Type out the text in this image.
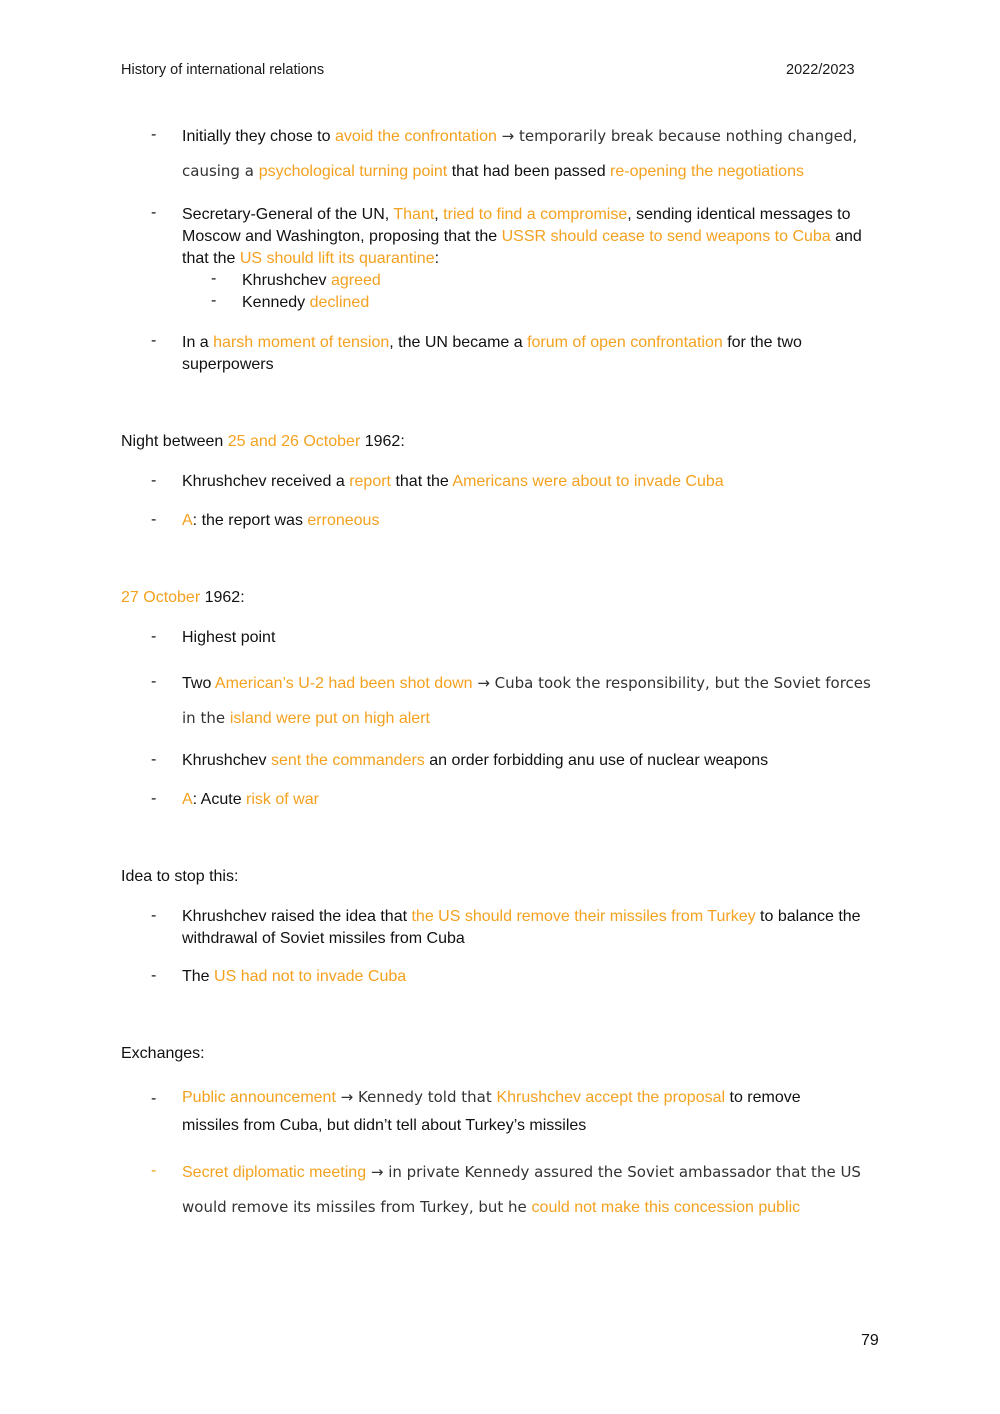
History of international relations	2022/2023
-	Initially they chose to avoid the confrontation → temporarily break because nothing changed, causing a psychological turning point that had been passed re-opening the negotiations

-	Secretary-General of the UN, Thant, tried to find a compromise, sending identical messages to Moscow and Washington, proposing that the USSR should cease to send weapons to Cuba and that the US should lift its quarantine:

-	Khrushchev agreed

-	Kennedy declined

-	In a harsh moment of tension, the UN became a forum of open confrontation for the two superpowers

Night between 25 and 26 October 1962:

-	Khrushchev received a report that the Americans were about to invade Cuba

-	A: the report was erroneous

27 October 1962:

-	Highest point

-	Two American’s U-2 had been shot down → Cuba took the responsibility, but the Soviet forces in the island were put on high alert

-	Khrushchev sent the commanders an order forbidding anu use of nuclear weapons

-	A: Acute risk of war

Idea to stop this:

-	Khrushchev raised the idea that the US should remove their missiles from Turkey to balance the withdrawal of Soviet missiles from Cuba

-	The US had not to invade Cuba

Exchanges:

-	Public announcement → Kennedy told that Khrushchev accept the proposal to remove missiles from Cuba, but didn’t tell about Turkey’s missiles

-	Secret diplomatic meeting → in private Kennedy assured the Soviet ambassador that the US would remove its missiles from Turkey, but he could not make this concession public

79
